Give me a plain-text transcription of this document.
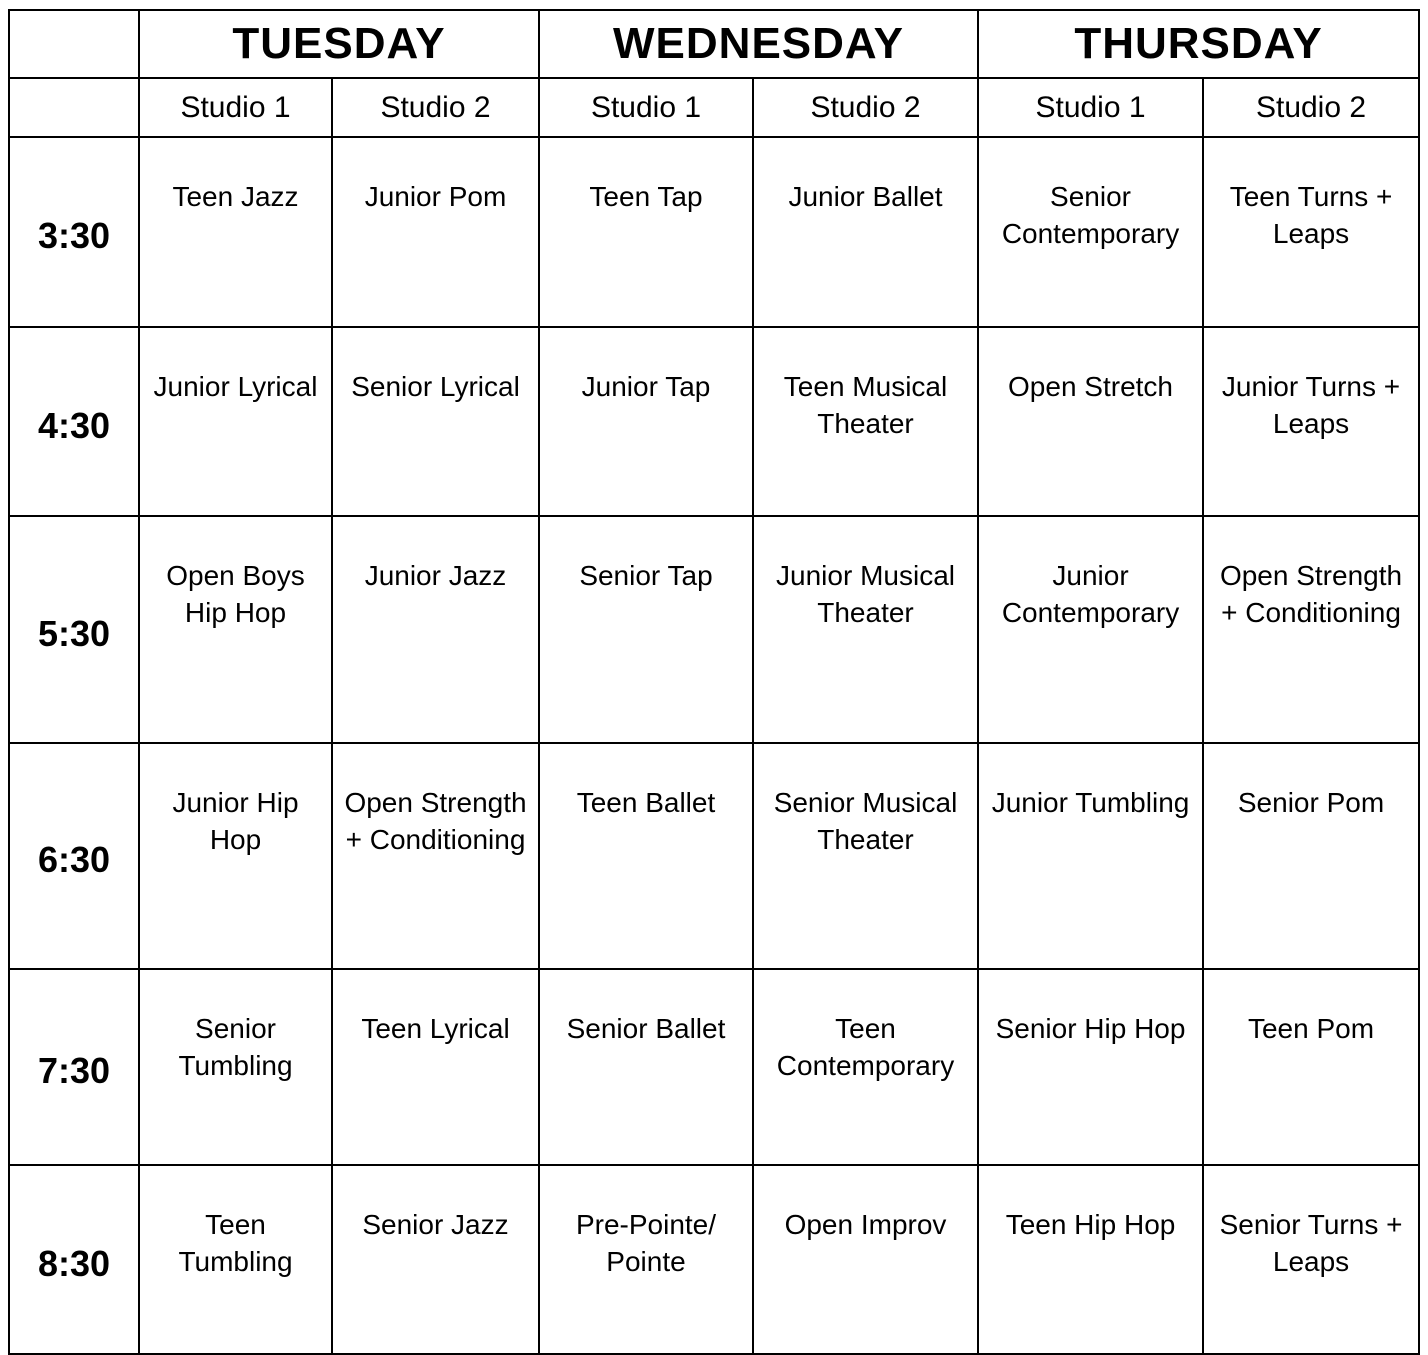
	TUESDAY		WEDNESDAY		THURSDAY	
	Studio 1	Studio 2	Studio 1	Studio 2	Studio 1	Studio 2
3:30	Teen Jazz	Junior Pom	Teen Tap	Junior Ballet	Senior Contemporary	Teen Turns + Leaps
4:30	Junior Lyrical	Senior Lyrical	Junior Tap	Teen Musical Theater	Open Stretch	Junior Turns + Leaps
5:30	Open Boys Hip Hop	Junior Jazz	Senior Tap	Junior Musical Theater	Junior Contemporary	Open Strength + Conditioning
6:30	Junior Hip Hop	Open Strength + Conditioning	Teen Ballet	Senior Musical Theater	Junior Tumbling	Senior Pom
7:30	Senior Tumbling	Teen Lyrical	Senior Ballet	Teen Contemporary	Senior Hip Hop	Teen Pom
8:30	Teen Tumbling	Senior Jazz	Pre-Pointe/ Pointe	Open Improv	Teen Hip Hop	Senior Turns + Leaps
